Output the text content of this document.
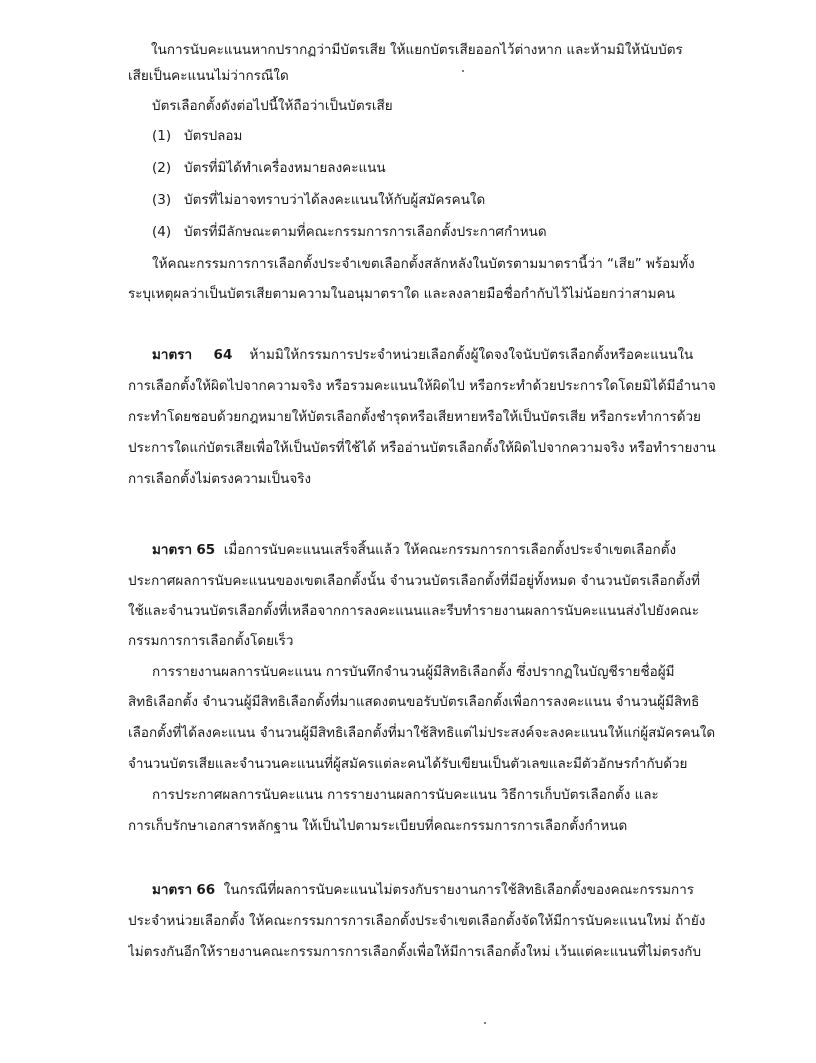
ในการนับคะแนนหากปรากฏว่ามีบัตรเสีย ให้แยกบัตรเสียออกไว้ต่างหาก และห้ามมิให้นับบัตร
เสียเป็นคะแนนไม่ว่ากรณีใด
บัตรเลือกตั้งดังต่อไปนี้ให้ถือว่าเป็นบัตรเสีย
(1) บัตรปลอม
(2) บัตรที่มิได้ทำเครื่องหมายลงคะแนน
(3) บัตรที่ไม่อาจทราบว่าได้ลงคะแนนให้กับผู้สมัครคนใด
(4) บัตรที่มีลักษณะตามที่คณะกรรมการการเลือกตั้งประกาศกำหนด
ให้คณะกรรมการการเลือกตั้งประจำเขตเลือกตั้งสลักหลังในบัตรตามมาตรานี้ว่า “เสีย” พร้อมทั้ง
ระบุเหตุผลว่าเป็นบัตรเสียตามความในอนุมาตราใด และลงลายมือชื่อกำกับไว้ไม่น้อยกว่าสามคน
มาตรา 64 ห้ามมิให้กรรมการประจำหน่วยเลือกตั้งผู้ใดจงใจนับบัตรเลือกตั้งหรือคะแนนใน
การเลือกตั้งให้ผิดไปจากความจริง หรือรวมคะแนนให้ผิดไป หรือกระทำด้วยประการใดโดยมิได้มีอำนาจ
กระทำโดยชอบด้วยกฎหมายให้บัตรเลือกตั้งชำรุดหรือเสียหายหรือให้เป็นบัตรเสีย หรือกระทำการด้วย
ประการใดแก่บัตรเสียเพื่อให้เป็นบัตรที่ใช้ได้ หรืออ่านบัตรเลือกตั้งให้ผิดไปจากความจริง หรือทำรายงาน
การเลือกตั้งไม่ตรงความเป็นจริง
มาตรา 65 เมื่อการนับคะแนนเสร็จสิ้นแล้ว ให้คณะกรรมการการเลือกตั้งประจำเขตเลือกตั้ง
ประกาศผลการนับคะแนนของเขตเลือกตั้งนั้น จำนวนบัตรเลือกตั้งที่มีอยู่ทั้งหมด จำนวนบัตรเลือกตั้งที่
ใช้และจำนวนบัตรเลือกตั้งที่เหลือจากการลงคะแนนและรีบทำรายงานผลการนับคะแนนส่งไปยังคณะ
กรรมการการเลือกตั้งโดยเร็ว
การรายงานผลการนับคะแนน การบันทึกจำนวนผู้มีสิทธิเลือกตั้ง ซึ่งปรากฏในบัญชีรายชื่อผู้มี
สิทธิเลือกตั้ง จำนวนผู้มีสิทธิเลือกตั้งที่มาแสดงตนขอรับบัตรเลือกตั้งเพื่อการลงคะแนน จำนวนผู้มีสิทธิ
เลือกตั้งที่ได้ลงคะแนน จำนวนผู้มีสิทธิเลือกตั้งที่มาใช้สิทธิแต่ไม่ประสงค์จะลงคะแนนให้แก่ผู้สมัครคนใด
จำนวนบัตรเสียและจำนวนคะแนนที่ผู้สมัครแต่ละคนได้รับเขียนเป็นตัวเลขและมีตัวอักษรกำกับด้วย
การประกาศผลการนับคะแนน การรายงานผลการนับคะแนน วิธีการเก็บบัตรเลือกตั้ง และ
การเก็บรักษาเอกสารหลักฐาน ให้เป็นไปตามระเบียบที่คณะกรรมการการเลือกตั้งกำหนด
มาตรา 66 ในกรณีที่ผลการนับคะแนนไม่ตรงกับรายงานการใช้สิทธิเลือกตั้งของคณะกรรมการ
ประจำหน่วยเลือกตั้ง ให้คณะกรรมการการเลือกตั้งประจำเขตเลือกตั้งจัดให้มีการนับคะแนนใหม่ ถ้ายัง
ไม่ตรงกันอีกให้รายงานคณะกรรมการการเลือกตั้งเพื่อให้มีการเลือกตั้งใหม่ เว้นแต่คะแนนที่ไม่ตรงกับ
